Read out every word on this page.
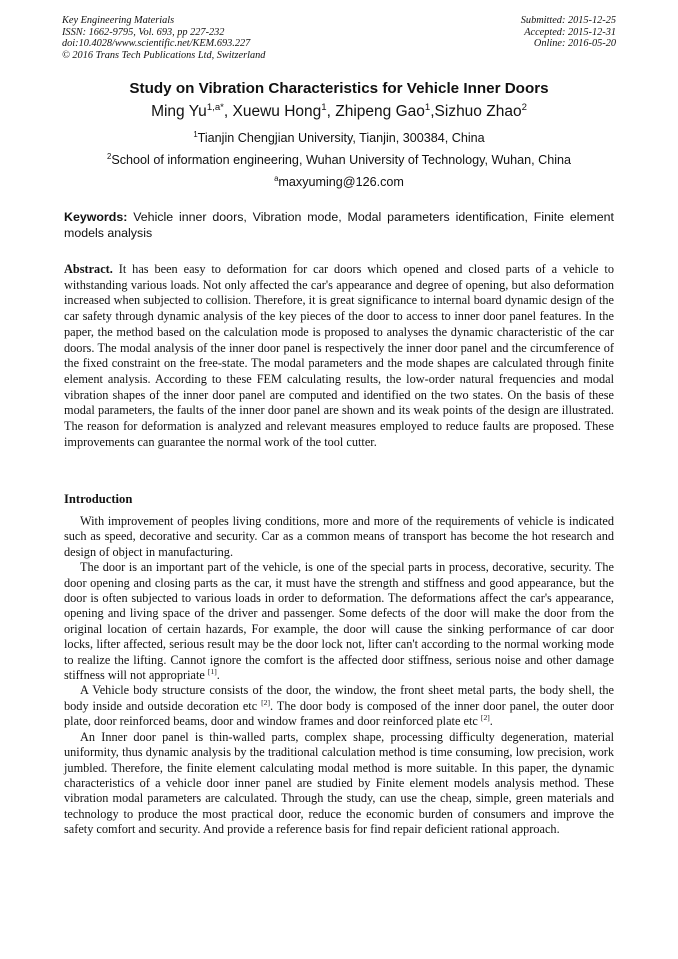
Key Engineering Materials
ISSN: 1662-9795, Vol. 693, pp 227-232
doi:10.4028/www.scientific.net/KEM.693.227
© 2016 Trans Tech Publications Ltd, Switzerland
Submitted: 2015-12-25
Accepted: 2015-12-31
Online: 2016-05-20
Study on Vibration Characteristics for Vehicle Inner Doors
Ming $Yu^{1,a*}$, Xuewu Hong$^1$, Zhipeng Gao$^1$,Sizhuo Zhao$^2$
$^1$Tianjin Chengjian University, Tianjin, 300384, China
$^2$School of information engineering, Wuhan University of Technology, Wuhan, China
$^a$maxyuming@126.com
Keywords: Vehicle inner doors, Vibration mode, Modal parameters identification, Finite element models analysis
Abstract. It has been easy to deformation for car doors which opened and closed parts of a vehicle to withstanding various loads. Not only affected the car's appearance and degree of opening, but also deformation increased when subjected to collision. Therefore, it is great significance to internal board dynamic design of the car safety through dynamic analysis of the key pieces of the door to access to inner door panel features. In the paper, the method based on the calculation mode is proposed to analyses the dynamic characteristic of the car doors. The modal analysis of the inner door panel is respectively the inner door panel and the circumference of the fixed constraint on the free-state. The modal parameters and the mode shapes are calculated through finite element analysis. According to these FEM calculating results, the low-order natural frequencies and modal vibration shapes of the inner door panel are computed and identified on the two states. On the basis of these modal parameters, the faults of the inner door panel are shown and its weak points of the design are illustrated. The reason for deformation is analyzed and relevant measures employed to reduce faults are proposed. These improvements can guarantee the normal work of the tool cutter.
Introduction

With improvement of peoples living conditions, more and more of the requirements of vehicle is indicated such as speed, decorative and security. Car as a common means of transport has become the hot research and design of object in manufacturing.

The door is an important part of the vehicle, is one of the special parts in process, decorative, security. The door opening and closing parts as the car, it must have the strength and stiffness and good appearance, but the door is often subjected to various loads in order to deformation. The deformations affect the car's appearance, opening and living space of the driver and passenger. Some defects of the door will make the door from the original location of certain hazards, For example, the door will cause the sinking performance of car door locks, lifter affected, serious result may be the door lock not, lifter can't according to the normal working mode to realize the lifting. Cannot ignore the comfort is the affected door stiffness, serious noise and other damage stiffness will not appropriate [1].

A Vehicle body structure consists of the door, the window, the front sheet metal parts, the body shell, the body inside and outside decoration etc [2]. The door body is composed of the inner door panel, the outer door plate, door reinforced beams, door and window frames and door reinforced plate etc [2].

An Inner door panel is thin-walled parts, complex shape, processing difficulty degeneration, material uniformity, thus dynamic analysis by the traditional calculation method is time consuming, low precision, work jumbled. Therefore, the finite element calculating modal method is more suitable. In this paper, the dynamic characteristics of a vehicle door inner panel are studied by Finite element models analysis method. These vibration modal parameters are calculated. Through the study, can use the cheap, simple, green materials and technology to produce the most practical door, reduce the economic burden of consumers and improve the safety comfort and security. And provide a reference basis for find repair deficient rational approach.
